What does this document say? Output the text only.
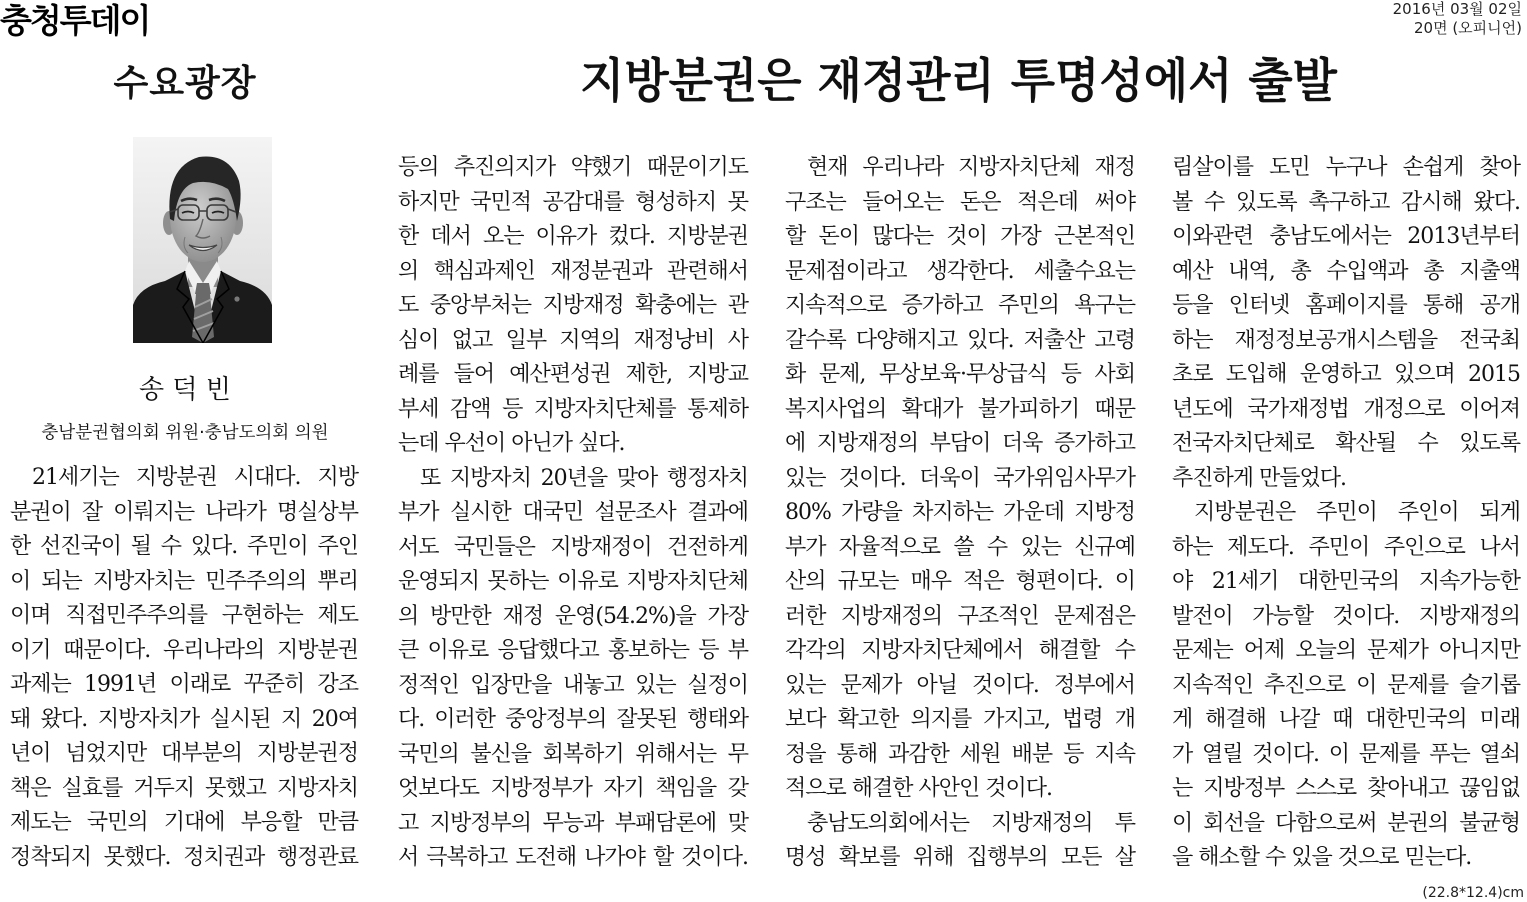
충청투데이	2016년 03월 02일
20면 (오피니언)
수요광장	지방분권은 재정관리 투명성에서 출발
송 덕 빈
충남분권협의회 위원·충남도의회 의원
21세기는 지방분권 시대다. 지방
분권이 잘 이뤄지는 나라가 명실상부
한 선진국이 될 수 있다. 주민이 주인
이 되는 지방자치는 민주주의의 뿌리
이며 직접민주주의를 구현하는 제도
이기 때문이다. 우리나라의 지방분권
과제는 1991년 이래로 꾸준히 강조
돼 왔다. 지방자치가 실시된 지 20여
년이 넘었지만 대부분의 지방분권정
책은 실효를 거두지 못했고 지방자치
제도는 국민의 기대에 부응할 만큼
정착되지 못했다. 정치권과 행정관료
등의 추진의지가 약했기 때문이기도
하지만 국민적 공감대를 형성하지 못
한 데서 오는 이유가 컸다. 지방분권
의 핵심과제인 재정분권과 관련해서
도 중앙부처는 지방재정 확충에는 관
심이 없고 일부 지역의 재정낭비 사
례를 들어 예산편성권 제한, 지방교
부세 감액 등 지방자치단체를 통제하
는데 우선이 아닌가 싶다.
또 지방자치 20년을 맞아 행정자치
부가 실시한 대국민 설문조사 결과에
서도 국민들은 지방재정이 건전하게
운영되지 못하는 이유로 지방자치단체
의 방만한 재정 운영(54.2%)을 가장
큰 이유로 응답했다고 홍보하는 등 부
정적인 입장만을 내놓고 있는 실정이
다. 이러한 중앙정부의 잘못된 행태와
국민의 불신을 회복하기 위해서는 무
엇보다도 지방정부가 자기 책임을 갖
고 지방정부의 무능과 부패담론에 맞
서 극복하고 도전해 나가야 할 것이다.
현재 우리나라 지방자치단체 재정
구조는 들어오는 돈은 적은데 써야
할 돈이 많다는 것이 가장 근본적인
문제점이라고 생각한다. 세출수요는
지속적으로 증가하고 주민의 욕구는
갈수록 다양해지고 있다. 저출산 고령
화 문제, 무상보육·무상급식 등 사회
복지사업의 확대가 불가피하기 때문
에 지방재정의 부담이 더욱 증가하고
있는 것이다. 더욱이 국가위임사무가
80% 가량을 차지하는 가운데 지방정
부가 자율적으로 쓸 수 있는 신규예
산의 규모는 매우 적은 형편이다. 이
러한 지방재정의 구조적인 문제점은
각각의 지방자치단체에서 해결할 수
있는 문제가 아닐 것이다. 정부에서
보다 확고한 의지를 가지고, 법령 개
정을 통해 과감한 세원 배분 등 지속
적으로 해결한 사안인 것이다.
충남도의회에서는 지방재정의 투
명성 확보를 위해 집행부의 모든 살
림살이를 도민 누구나 손쉽게 찾아
볼 수 있도록 촉구하고 감시해 왔다.
이와관련 충남도에서는 2013년부터
예산 내역, 총 수입액과 총 지출액
등을 인터넷 홈페이지를 통해 공개
하는 재정정보공개시스템을 전국최
초로 도입해 운영하고 있으며 2015
년도에 국가재정법 개정으로 이어져
전국자치단체로 확산될 수 있도록
추진하게 만들었다.
지방분권은 주민이 주인이 되게
하는 제도다. 주민이 주인으로 나서
야 21세기 대한민국의 지속가능한
발전이 가능할 것이다. 지방재정의
문제는 어제 오늘의 문제가 아니지만
지속적인 추진으로 이 문제를 슬기롭
게 해결해 나갈 때 대한민국의 미래
가 열릴 것이다. 이 문제를 푸는 열쇠
는 지방정부 스스로 찾아내고 끊임없
이 회선을 다함으로써 분권의 불균형
을 해소할 수 있을 것으로 믿는다.
(22.8*12.4)cm
